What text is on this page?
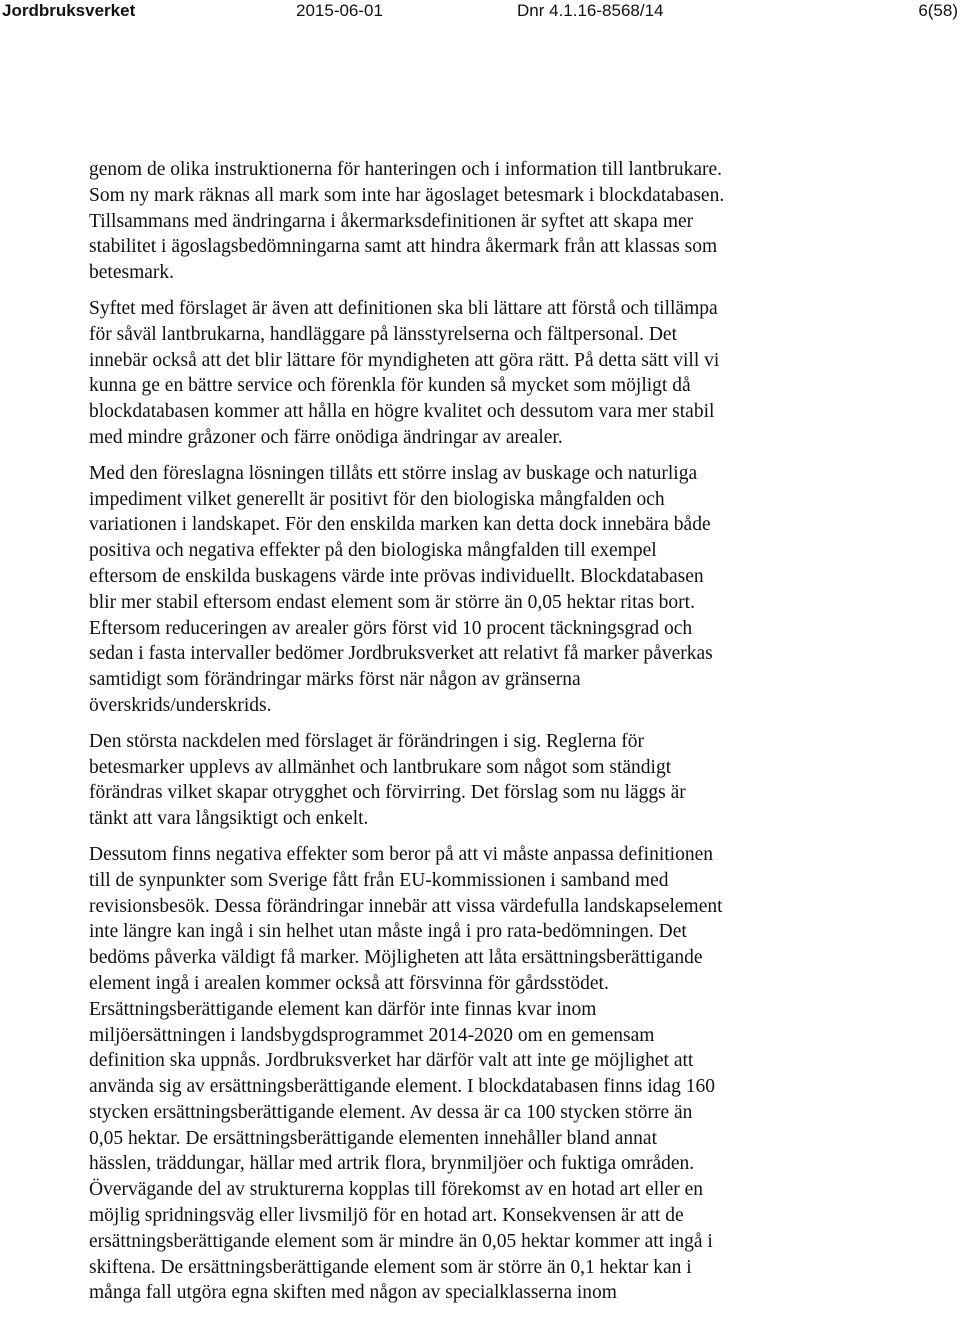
Jordbruksverket	2015-06-01	Dnr 4.1.16-8568/14	6(58)

genom de olika instruktionerna för hanteringen och i information till lantbrukare.
Som ny mark räknas all mark som inte har ägoslaget betesmark i blockdatabasen.
Tillsammans med ändringarna i åkermarksdefinitionen är syftet att skapa mer
stabilitet i ägoslagsbedömningarna samt att hindra åkermark från att klassas som
betesmark.

Syftet med förslaget är även att definitionen ska bli lättare att förstå och tillämpa
för såväl lantbrukarna, handläggare på länsstyrelserna och fältpersonal. Det
innebär också att det blir lättare för myndigheten att göra rätt. På detta sätt vill vi
kunna ge en bättre service och förenkla för kunden så mycket som möjligt då
blockdatabasen kommer att hålla en högre kvalitet och dessutom vara mer stabil
med mindre gråzoner och färre onödiga ändringar av arealer.

Med den föreslagna lösningen tillåts ett större inslag av buskage och naturliga
impediment vilket generellt är positivt för den biologiska mångfalden och
variationen i landskapet. För den enskilda marken kan detta dock innebära både
positiva och negativa effekter på den biologiska mångfalden till exempel
eftersom de enskilda buskagens värde inte prövas individuellt. Blockdatabasen
blir mer stabil eftersom endast element som är större än 0,05 hektar ritas bort.
Eftersom reduceringen av arealer görs först vid 10 procent täckningsgrad och
sedan i fasta intervaller bedömer Jordbruksverket att relativt få marker påverkas
samtidigt som förändringar märks först när någon av gränserna
överskrids/underskrids.

Den största nackdelen med förslaget är förändringen i sig. Reglerna för
betesmarker upplevs av allmänhet och lantbrukare som något som ständigt
förändras vilket skapar otrygghet och förvirring. Det förslag som nu läggs är
tänkt att vara långsiktigt och enkelt.

Dessutom finns negativa effekter som beror på att vi måste anpassa definitionen
till de synpunkter som Sverige fått från EU-kommissionen i samband med
revisionsbesök. Dessa förändringar innebär att vissa värdefulla landskapselement
inte längre kan ingå i sin helhet utan måste ingå i pro rata-bedömningen. Det
bedöms påverka väldigt få marker. Möjligheten att låta ersättningsberättigande
element ingå i arealen kommer också att försvinna för gårdsstödet.
Ersättningsberättigande element kan därför inte finnas kvar inom
miljöersättningen i landsbygdsprogrammet 2014-2020 om en gemensam
definition ska uppnås. Jordbruksverket har därför valt att inte ge möjlighet att
använda sig av ersättningsberättigande element. I blockdatabasen finns idag 160
stycken ersättningsberättigande element. Av dessa är ca 100 stycken större än
0,05 hektar. De ersättningsberättigande elementen innehåller bland annat
hässlen, träddungar, hällar med artrik flora, brynmiljöer och fuktiga områden.
Övervägande del av strukturerna kopplas till förekomst av en hotad art eller en
möjlig spridningsväg eller livsmiljö för en hotad art. Konsekvensen är att de
ersättningsberättigande element som är mindre än 0,05 hektar kommer att ingå i
skiftena. De ersättningsberättigande element som är större än 0,1 hektar kan i
många fall utgöra egna skiften med någon av specialklasserna inom
